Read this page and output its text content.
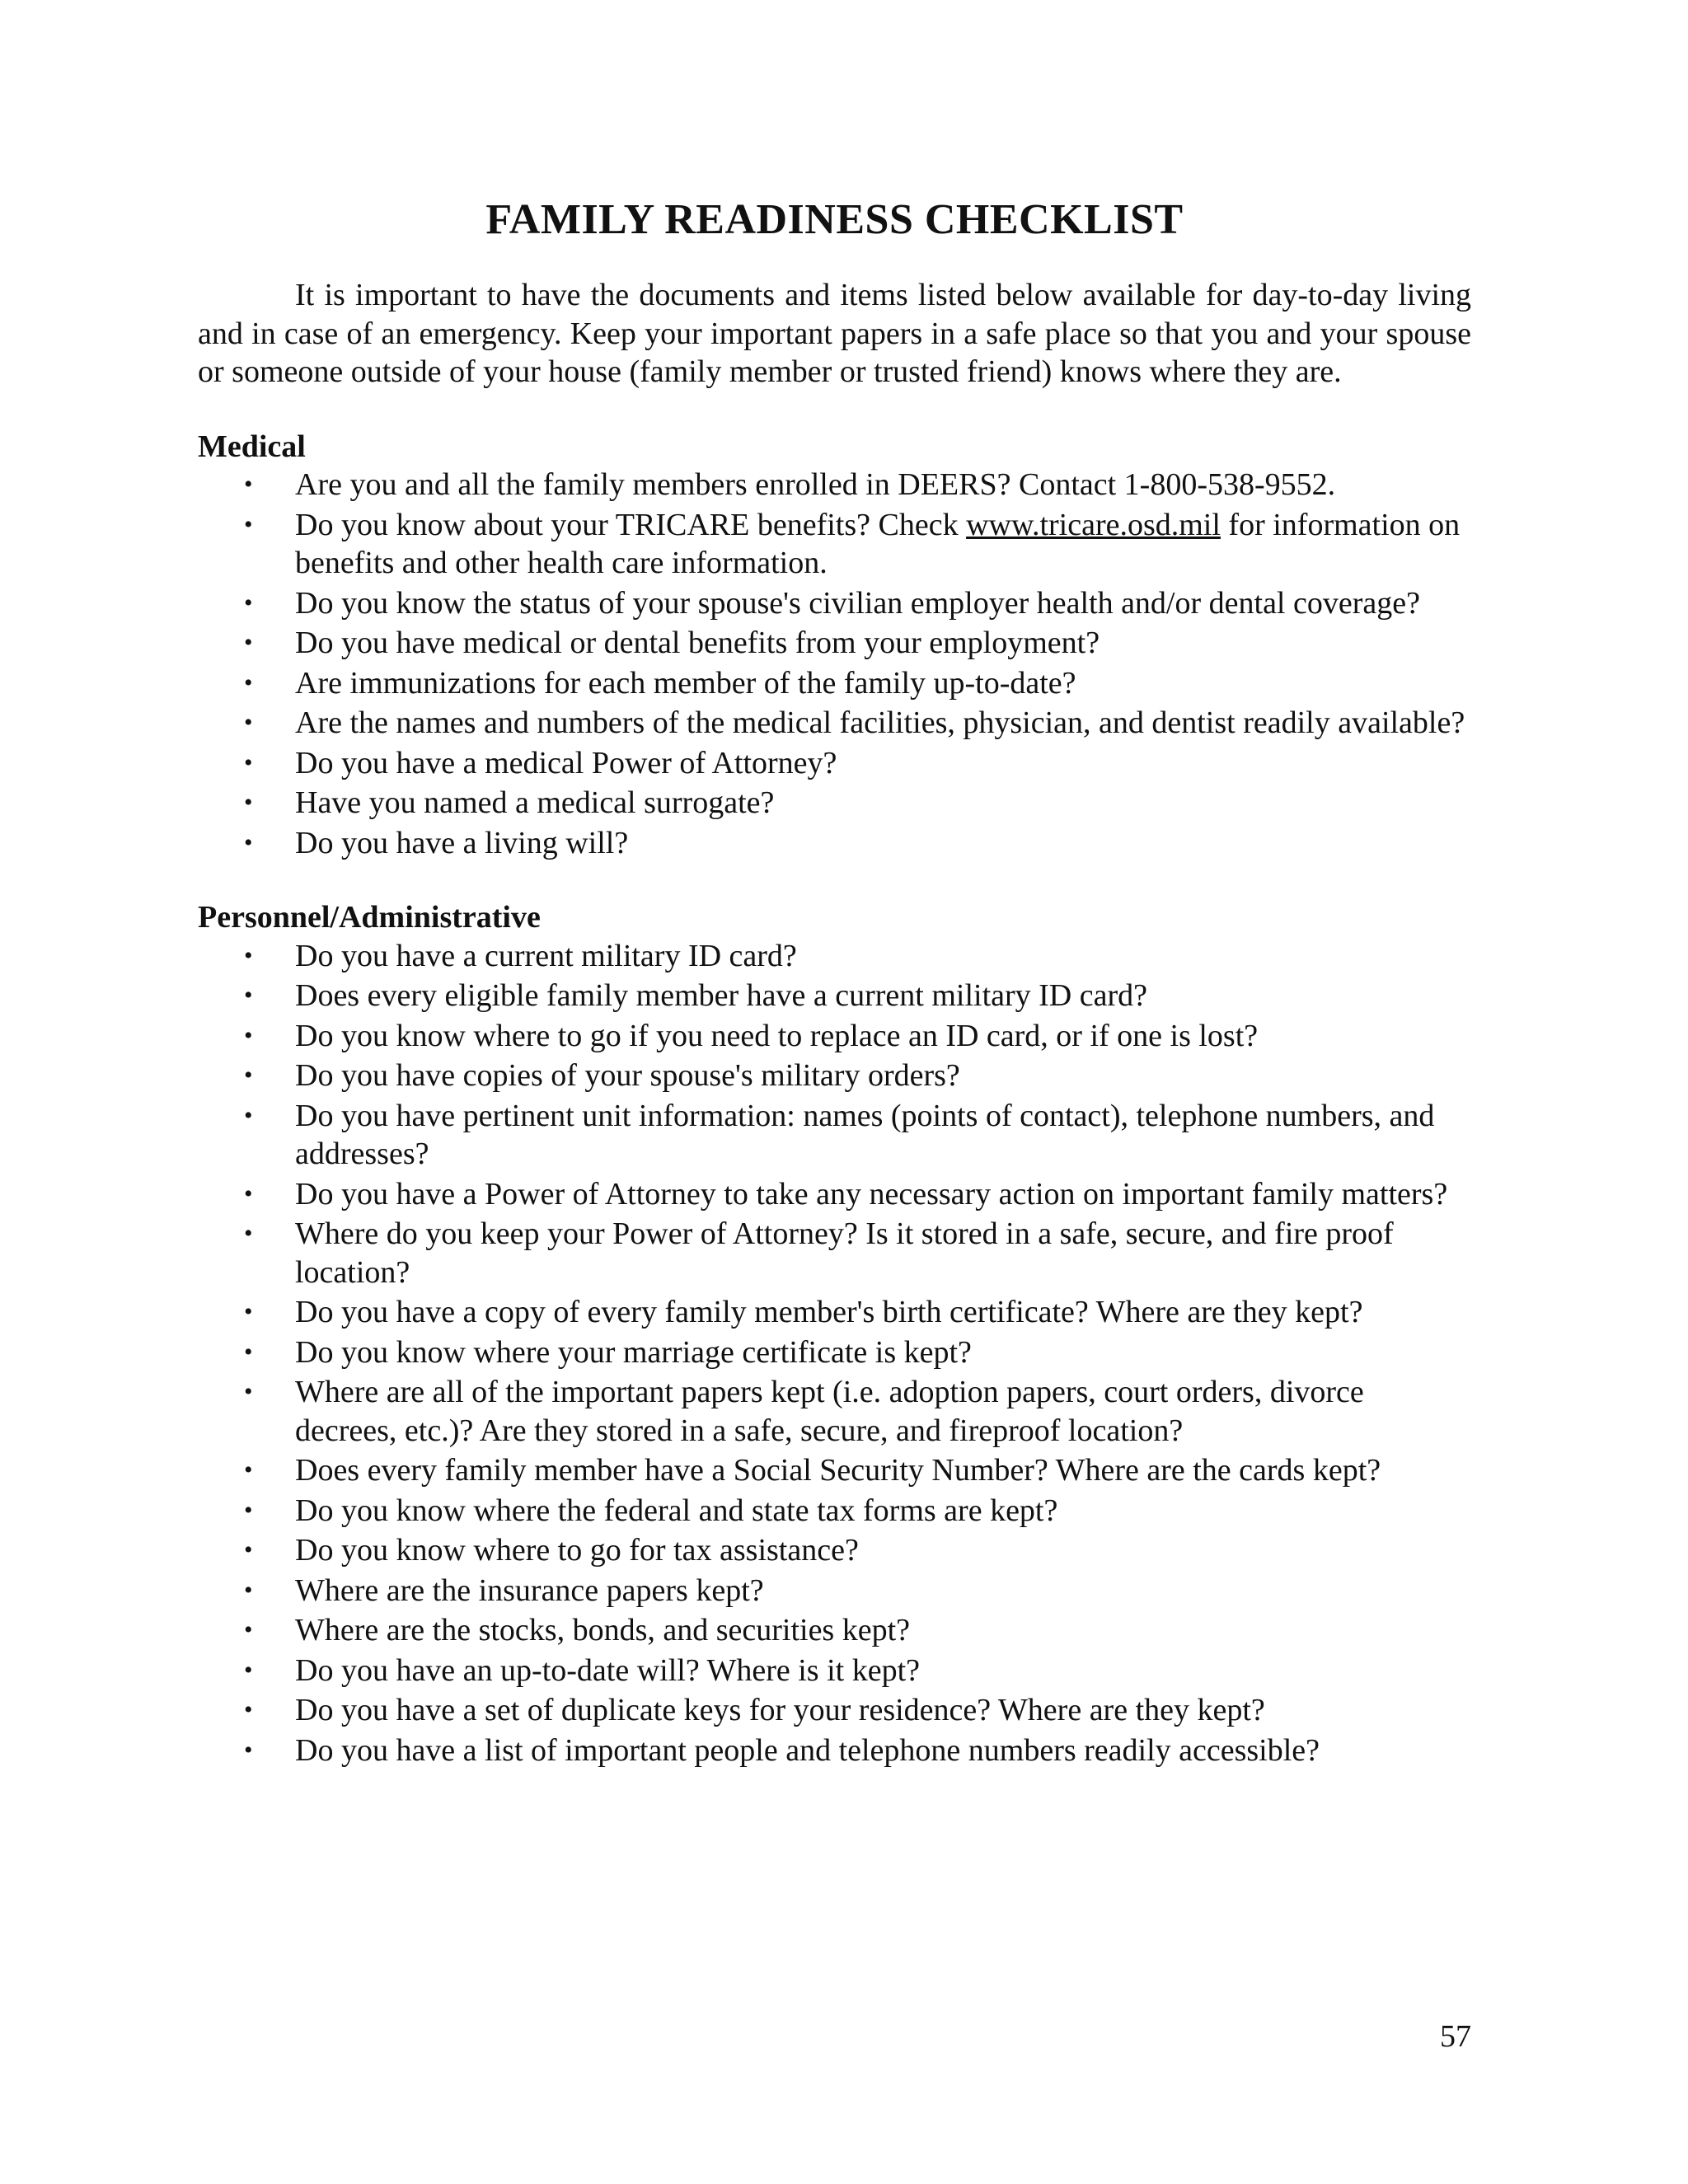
FAMILY READINESS CHECKLIST

It is important to have the documents and items listed below available for day-to-day living and in case of an emergency. Keep your important papers in a safe place so that you and your spouse or someone outside of your house (family member or trusted friend) knows where they are.

Medical
• Are you and all the family members enrolled in DEERS? Contact 1-800-538-9552.
• Do you know about your TRICARE benefits? Check www.tricare.osd.mil for information on benefits and other health care information.
• Do you know the status of your spouse's civilian employer health and/or dental coverage?
• Do you have medical or dental benefits from your employment?
• Are immunizations for each member of the family up-to-date?
• Are the names and numbers of the medical facilities, physician, and dentist readily available?
• Do you have a medical Power of Attorney?
• Have you named a medical surrogate?
• Do you have a living will?
Personnel/Administrative
• Do you have a current military ID card?
• Does every eligible family member have a current military ID card?
• Do you know where to go if you need to replace an ID card, or if one is lost?
• Do you have copies of your spouse's military orders?
• Do you have pertinent unit information: names (points of contact), telephone numbers, and addresses?
• Do you have a Power of Attorney to take any necessary action on important family matters?
• Where do you keep your Power of Attorney? Is it stored in a safe, secure, and fire proof location?
• Do you have a copy of every family member's birth certificate? Where are they kept?
• Do you know where your marriage certificate is kept?
• Where are all of the important papers kept (i.e. adoption papers, court orders, divorce decrees, etc.)? Are they stored in a safe, secure, and fireproof location?
• Does every family member have a Social Security Number? Where are the cards kept?
• Do you know where the federal and state tax forms are kept?
• Do you know where to go for tax assistance?
• Where are the insurance papers kept?
• Where are the stocks, bonds, and securities kept?
• Do you have an up-to-date will? Where is it kept?
• Do you have a set of duplicate keys for your residence? Where are they kept?
• Do you have a list of important people and telephone numbers readily accessible?
57
